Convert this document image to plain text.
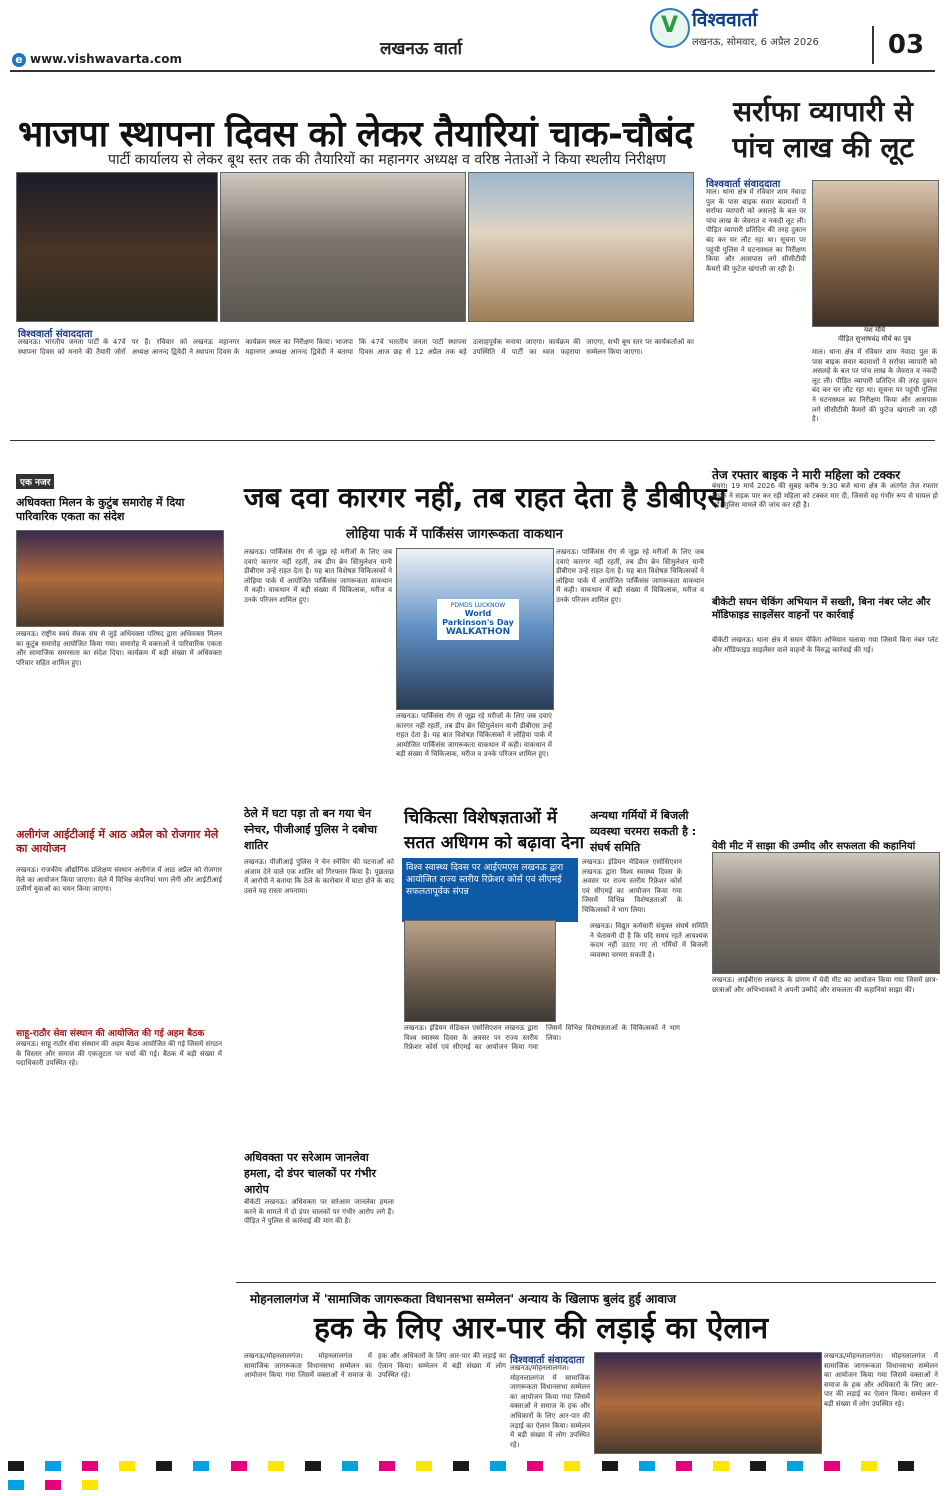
e www.vishwavarta.com	लखनऊ वार्ता
V
विश्ववार्ता
लखनऊ, सोमवार, 6 अप्रैल 2026	03
भाजपा स्थापना दिवस को लेकर तैयारियां चाक-चौबंद
पार्टी कार्यालय से लेकर बूथ स्तर तक की तैयारियों का महानगर अध्यक्ष व वरिष्ठ नेताओं ने किया स्थलीय निरीक्षण
विश्ववार्ता संवाददाता
लखनऊ। भारतीय जनता पार्टी के 47वें स्थापना दिवस को मनाने की तैयारी जोरों पर हैं। रविवार को लखनऊ महानगर अध्यक्ष आनन्द द्विवेदी ने स्थापना दिवस के कार्यक्रम स्थल का निरीक्षण किया। भाजपा महानगर अध्यक्ष आनन्द द्विवेदी ने बताया कि 47वें भारतीय जनता पार्टी स्थापना दिवस आज छह से 12 अप्रैल तक बड़े उत्साहपूर्वक मनाया जाएगा। कार्यक्रम की उपस्थिति में पार्टी का ध्वज फहराया जाएगा, सभी बूथ स्तर पर कार्यकर्ताओं का सम्मेलन किया जाएगा।
सर्राफा व्यापारी से पांच लाख की लूट
विश्ववार्ता संवाददाता
माल। थाना क्षेत्र में रविवार शाम नेवादा पुल के पास बाइक सवार बदमाशों ने सर्राफा व्यापारी को असलहे के बल पर पांच लाख के जेवरात व नकदी लूट ली। पीड़ित व्यापारी प्रतिदिन की तरह दुकान बंद कर घर लौट रहा था। सूचना पर पहुंची पुलिस ने घटनास्थल का निरीक्षण किया और आसपास लगे सीसीटीवी कैमरों की फुटेज खंगाली जा रही है।
यश मौर्य
पीड़ित सुभाषचंद्र मौर्य का पुत्र
माल। थाना क्षेत्र में रविवार शाम नेवादा पुल के पास बाइक सवार बदमाशों ने सर्राफा व्यापारी को असलहे के बल पर पांच लाख के जेवरात व नकदी लूट ली। पीड़ित व्यापारी प्रतिदिन की तरह दुकान बंद कर घर लौट रहा था। सूचना पर पहुंची पुलिस ने घटनास्थल का निरीक्षण किया और आसपास लगे सीसीटीवी कैमरों की फुटेज खंगाली जा रही है।
एक नजर
अधिवक्ता मिलन के कुटुंब समारोह में दिया पारिवारिक एकता का संदेश
लखनऊ। राष्ट्रीय स्वयं सेवक संघ से जुड़े अधिवक्ता परिषद द्वारा अधिवक्ता मिलन का कुटुंब समारोह आयोजित किया गया। समारोह में वक्ताओं ने पारिवारिक एकता और सामाजिक समरसता का संदेश दिया। कार्यक्रम में बड़ी संख्या में अधिवक्ता परिवार सहित शामिल हुए।
अलीगंज आईटीआई में आठ अप्रैल को रोजगार मेले का आयोजन
लखनऊ। राजकीय औद्योगिक प्रशिक्षण संस्थान अलीगंज में आठ अप्रैल को रोजगार मेले का आयोजन किया जाएगा। मेले में विभिन्न कंपनियां भाग लेंगी और आईटीआई उत्तीर्ण युवाओं का चयन किया जाएगा।
साहू-राठौर सेवा संस्थान की आयोजित की गई अहम बैठक
लखनऊ। साहू राठौर सेवा संस्थान की अहम बैठक आयोजित की गई जिसमें संगठन के विस्तार और समाज की एकजुटता पर चर्चा की गई। बैठक में बड़ी संख्या में पदाधिकारी उपस्थित रहे।
जब दवा कारगर नहीं, तब राहत देता है डीबीएस
लोहिया पार्क में पार्किंसंस जागरूकता वाकथान
लखनऊ। पार्किंसंस रोग से जूझ रहे मरीजों के लिए जब दवाएं कारगर नहीं रहतीं, तब डीप ब्रेन स्टिमुलेशन यानी डीबीएस उन्हें राहत देता है। यह बात विशेषज्ञ चिकित्सकों ने लोहिया पार्क में आयोजित पार्किंसंस जागरूकता वाकथान में कही। वाकथान में बड़ी संख्या में चिकित्सक, मरीज व उनके परिजन शामिल हुए।
PDMDS LUCKNOW
World Parkinson's Day
WALKATHON
लखनऊ। पार्किंसंस रोग से जूझ रहे मरीजों के लिए जब दवाएं कारगर नहीं रहतीं, तब डीप ब्रेन स्टिमुलेशन यानी डीबीएस उन्हें राहत देता है। यह बात विशेषज्ञ चिकित्सकों ने लोहिया पार्क में आयोजित पार्किंसंस जागरूकता वाकथान में कही। वाकथान में बड़ी संख्या में चिकित्सक, मरीज व उनके परिजन शामिल हुए।
लखनऊ। पार्किंसंस रोग से जूझ रहे मरीजों के लिए जब दवाएं कारगर नहीं रहतीं, तब डीप ब्रेन स्टिमुलेशन यानी डीबीएस उन्हें राहत देता है। यह बात विशेषज्ञ चिकित्सकों ने लोहिया पार्क में आयोजित पार्किंसंस जागरूकता वाकथान में कही। वाकथान में बड़ी संख्या में चिकित्सक, मरीज व उनके परिजन शामिल हुए।
ठेले में घटा पड़ा तो बन गया चेन स्नेचर, पीजीआई पुलिस ने दबोचा शातिर
लखनऊ। पीजीआई पुलिस ने चेन स्नेचिंग की घटनाओं को अंजाम देने वाले एक शातिर को गिरफ्तार किया है। पूछताछ में आरोपी ने बताया कि ठेले के कारोबार में घाटा होने के बाद उसने यह रास्ता अपनाया।
अधिवक्ता पर सरेआम जानलेवा हमला, दो डंपर चालकों पर गंभीर आरोप
बीकेटी लखनऊ। अधिवक्ता पर सरेआम जानलेवा हमला करने के मामले में दो डंपर चालकों पर गंभीर आरोप लगे हैं। पीड़ित ने पुलिस से कार्रवाई की मांग की है।
चिकित्सा विशेषज्ञताओं में सतत अधिगम को बढ़ावा देना
विश्व स्वास्थ्य दिवस पर आईएमएस लखनऊ द्वारा आयोजित राज्य स्तरीय रिफ्रेशर कोर्स एवं सीएमई सफलतापूर्वक संपन्न
लखनऊ। इंडियन मेडिकल एसोसिएशन लखनऊ द्वारा विश्व स्वास्थ्य दिवस के अवसर पर राज्य स्तरीय रिफ्रेशर कोर्स एवं सीएमई का आयोजन किया गया जिसमें विभिन्न विशेषज्ञताओं के चिकित्सकों ने भाग लिया।
लखनऊ। इंडियन मेडिकल एसोसिएशन लखनऊ द्वारा विश्व स्वास्थ्य दिवस के अवसर पर राज्य स्तरीय रिफ्रेशर कोर्स एवं सीएमई का आयोजन किया गया जिसमें विभिन्न विशेषज्ञताओं के चिकित्सकों ने भाग लिया।
अन्यथा गर्मियों में बिजली व्यवस्था चरमरा सकती है : संघर्ष समिति
लखनऊ। विद्युत कर्मचारी संयुक्त संघर्ष समिति ने चेतावनी दी है कि यदि समय रहते आवश्यक कदम नहीं उठाए गए तो गर्मियों में बिजली व्यवस्था चरमरा सकती है।
तेज रफ्तार बाइक ने मारी महिला को टक्कर
बंथरा। 19 मार्च 2026 की सुबह करीब 9:30 बजे थाना क्षेत्र के अंतर्गत तेज रफ्तार बाइक ने सड़क पार कर रही महिला को टक्कर मार दी, जिससे वह गंभीर रूप से घायल हो गई। पुलिस मामले की जांच कर रही है।
बीकेटी सघन चेकिंग अभियान में सख्ती, बिना नंबर प्लेट और मॉडिफाइड साइलेंसर वाहनों पर कार्रवाई
बीकेटी लखनऊ। थाना क्षेत्र में सघन चेकिंग अभियान चलाया गया जिसमें बिना नंबर प्लेट और मॉडिफाइड साइलेंसर वाले वाहनों के विरुद्ध कार्रवाई की गई।
येवी मीट में साझा की उम्मीद और सफलता की कहानियां
लखनऊ। आईबीएस लखनऊ के प्रांगण में येवी मीट का आयोजन किया गया जिसमें छात्र-छात्राओं और अभिभावकों ने अपनी उम्मीदें और सफलता की कहानियां साझा कीं।
मोहनलालगंज में 'सामाजिक जागरूकता विधानसभा सम्मेलन' अन्याय के खिलाफ बुलंद हुई आवाज
हक के लिए आर-पार की लड़ाई का ऐलान
लखनऊ/मोहनलालगंज। मोहनलालगंज में सामाजिक जागरूकता विधानसभा सम्मेलन का आयोजन किया गया जिसमें वक्ताओं ने समाज के हक और अधिकारों के लिए आर-पार की लड़ाई का ऐलान किया। सम्मेलन में बड़ी संख्या में लोग उपस्थित रहे।
विश्ववार्ता संवाददाता
लखनऊ/मोहनलालगंज। मोहनलालगंज में सामाजिक जागरूकता विधानसभा सम्मेलन का आयोजन किया गया जिसमें वक्ताओं ने समाज के हक और अधिकारों के लिए आर-पार की लड़ाई का ऐलान किया। सम्मेलन में बड़ी संख्या में लोग उपस्थित रहे।
लखनऊ/मोहनलालगंज। मोहनलालगंज में सामाजिक जागरूकता विधानसभा सम्मेलन का आयोजन किया गया जिसमें वक्ताओं ने समाज के हक और अधिकारों के लिए आर-पार की लड़ाई का ऐलान किया। सम्मेलन में बड़ी संख्या में लोग उपस्थित रहे।
